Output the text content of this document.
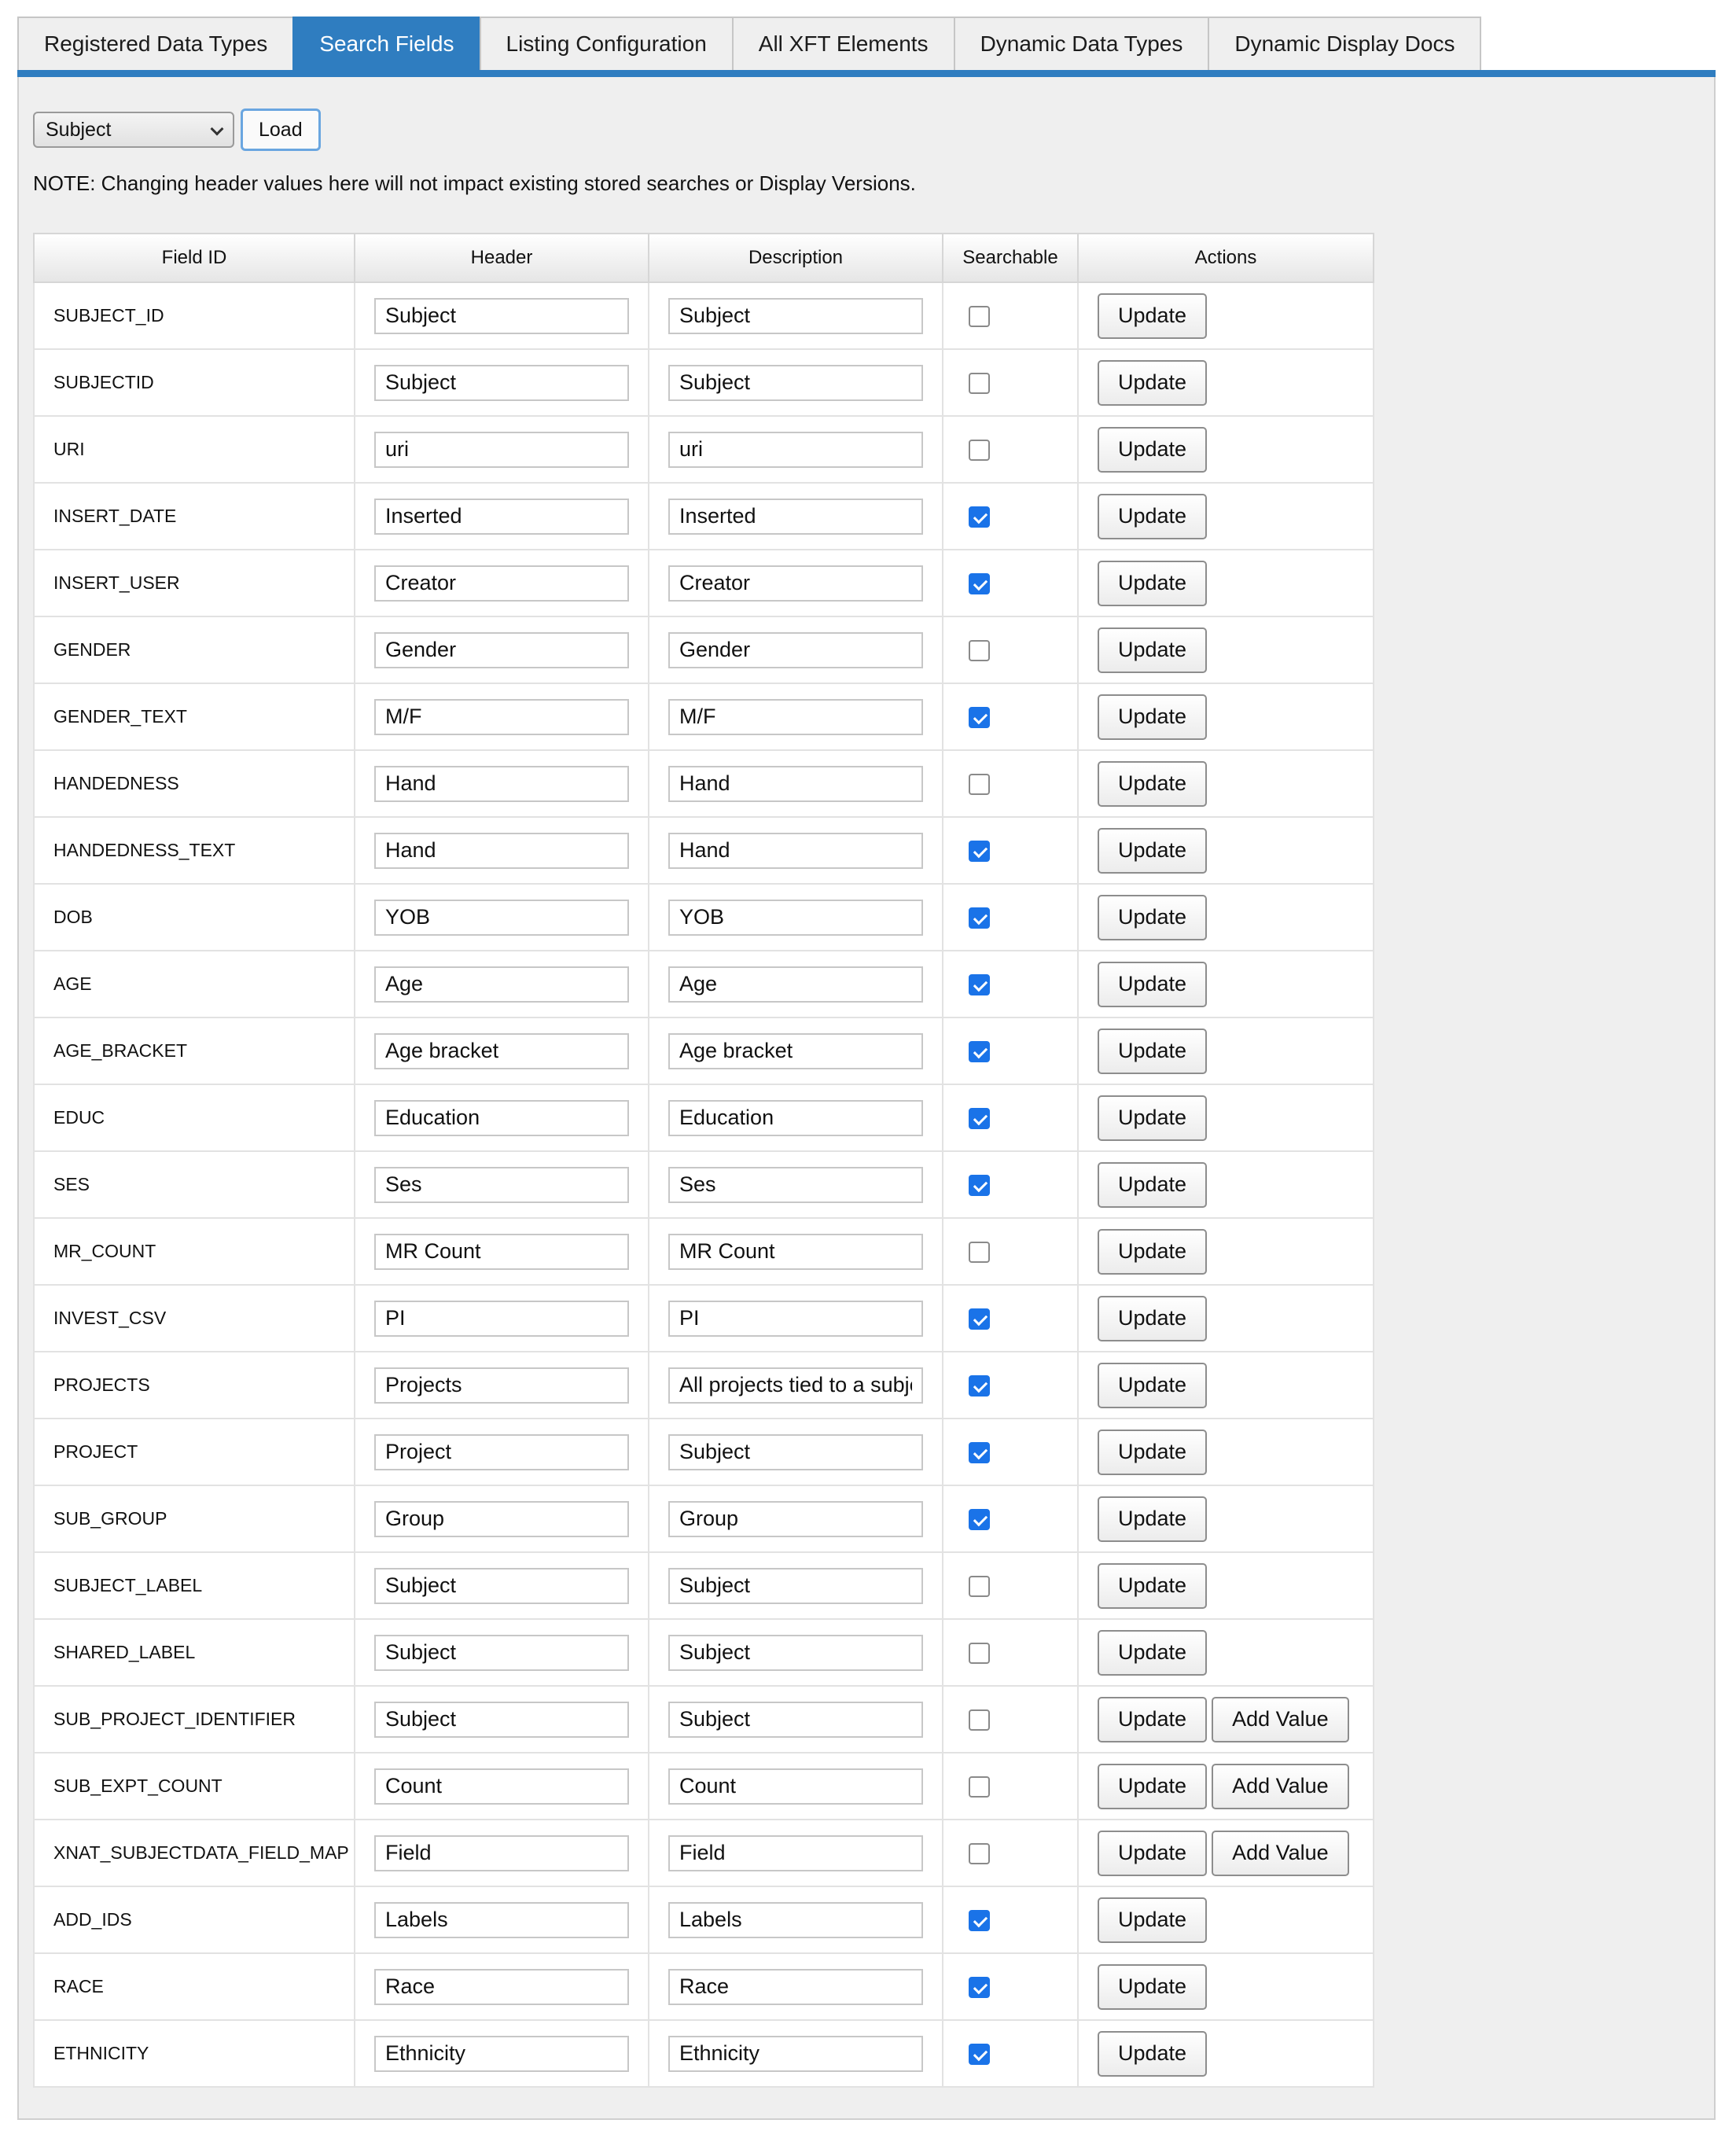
Registered Data Types	Search Fields	Listing Configuration	All XFT Elements	Dynamic Data Types	Dynamic Display Docs
Subject	Load
NOTE: Changing header values here will not impact existing stored searches or Display Versions.
Field ID	Header	Description	Searchable	Actions
SUBJECT_ID	Subject	Subject		Update
SUBJECTID	Subject	Subject		Update
URI	uri	uri		Update
INSERT_DATE	Inserted	Inserted		Update
INSERT_USER	Creator	Creator		Update
GENDER	Gender	Gender		Update
GENDER_TEXT	M/F	M/F		Update
HANDEDNESS	Hand	Hand		Update
HANDEDNESS_TEXT	Hand	Hand		Update
DOB	YOB	YOB		Update
AGE	Age	Age		Update
AGE_BRACKET	Age bracket	Age bracket		Update
EDUC	Education	Education		Update
SES	Ses	Ses		Update
MR_COUNT	MR Count	MR Count		Update
INVEST_CSV	PI	PI		Update
PROJECTS	Projects	All projects tied to a subject		Update
PROJECT	Project	Subject		Update
SUB_GROUP	Group	Group		Update
SUBJECT_LABEL	Subject	Subject		Update
SHARED_LABEL	Subject	Subject		Update
SUB_PROJECT_IDENTIFIER	Subject	Subject		Update Add Value
SUB_EXPT_COUNT	Count	Count		Update Add Value
XNAT_SUBJECTDATA_FIELD_MAP	Field	Field		Update Add Value
ADD_IDS	Labels	Labels		Update
RACE	Race	Race		Update
ETHNICITY	Ethnicity	Ethnicity		Update
